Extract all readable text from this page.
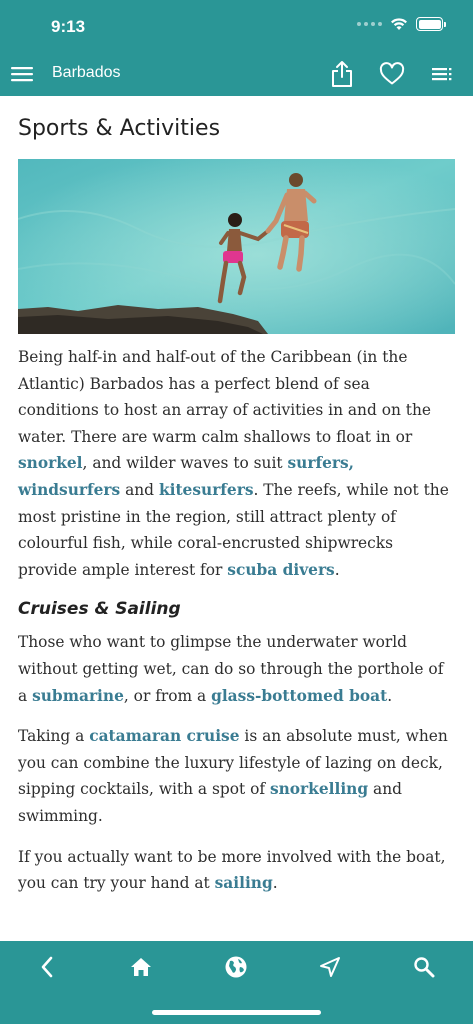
9:13
Barbados
Sports & Activities

Being half-in and half-out of the Caribbean (in the Atlantic) Barbados has a perfect blend of sea conditions to host an array of activities in and on the water. There are warm calm shallows to float in or snorkel, and wilder waves to suit surfers, windsurfers and kitesurfers. The reefs, while not the most pristine in the region, still attract plenty of colourful fish, while coral-encrusted shipwrecks provide ample interest for scuba divers.

Cruises & Sailing

Those who want to glimpse the underwater world without getting wet, can do so through the porthole of a submarine, or from a glass-bottomed boat.

Taking a catamaran cruise is an absolute must, when you can combine the luxury lifestyle of lazing on deck, sipping cocktails, with a spot of snorkelling and swimming.

If you actually want to be more involved with the boat, you can try your hand at sailing.
